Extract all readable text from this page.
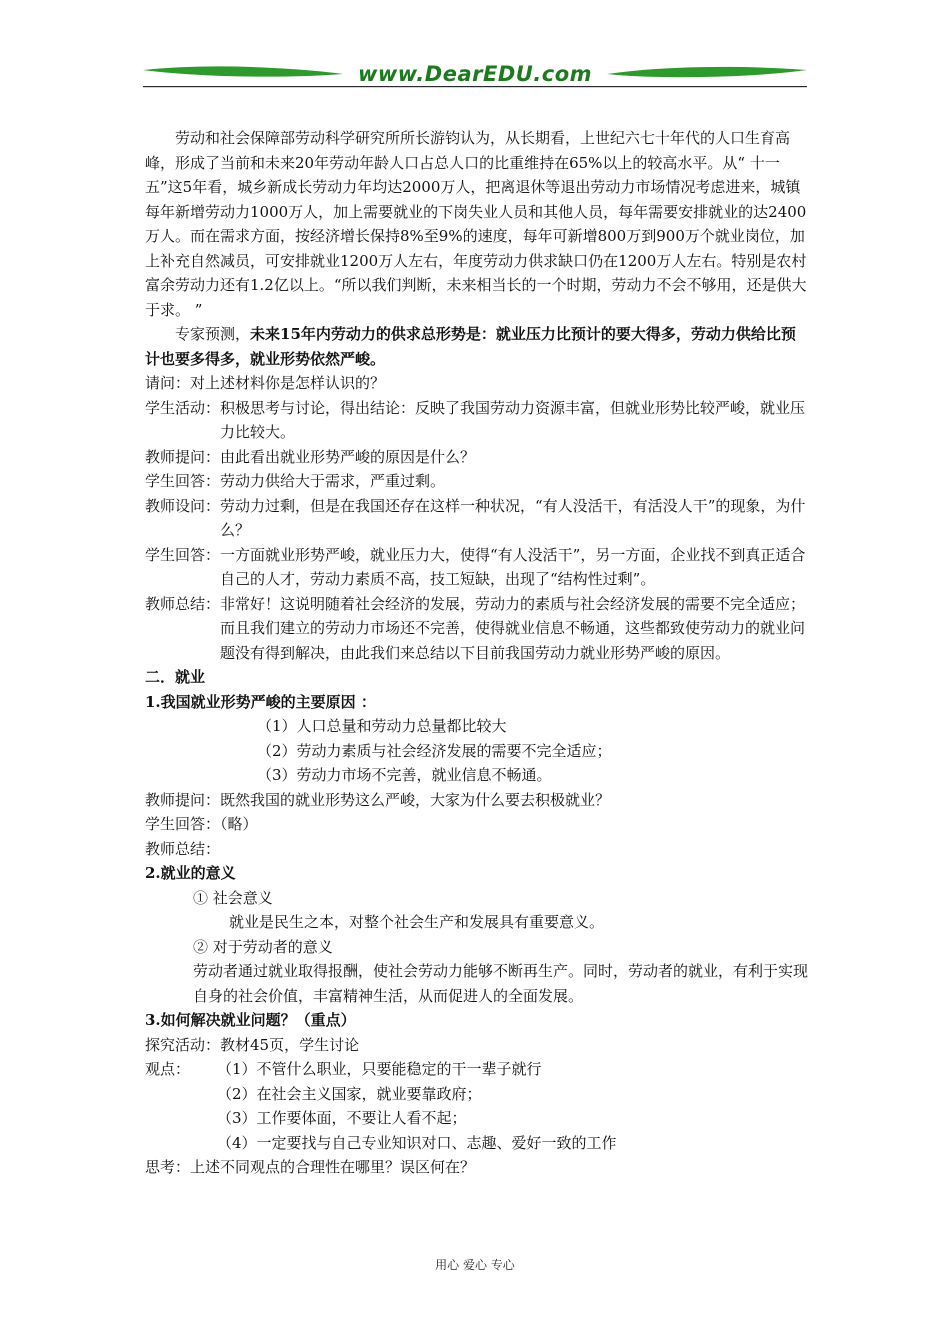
www.DearEDU.com

劳动和社会保障部劳动科学研究所所长游钧认为，从长期看，上世纪六七十年代的人口生育高峰，形成了当前和未来20年劳动年龄人口占总人口的比重维持在65%以上的较高水平。从“ 十一五”这5年看，城乡新成长劳动力年均达2000万人，把离退休等退出劳动力市场情况考虑进来，城镇每年新增劳动力1000万人，加上需要就业的下岗失业人员和其他人员，每年需要安排就业的达2400万人。而在需求方面，按经济增长保持8%至9%的速度，每年可新增800万到900万个就业岗位，加上补充自然减员，可安排就业1200万人左右，年度劳动力供求缺口仍在1200万人左右。特别是农村富余劳动力还有1.2亿以上。“所以我们判断，未来相当长的一个时期，劳动力不会不够用，还是供大于求。 ”

专家预测，未来15年内劳动力的供求总形势是：就业压力比预计的要大得多，劳动力供给比预计也要多得多，就业形势依然严峻。

请问：对上述材料你是怎样认识的？

学生活动： 积极思考与讨论，得出结论：反映了我国劳动力资源丰富，但就业形势比较严峻，就业压力比较大。
教师提问： 由此看出就业形势严峻的原因是什么？
学生回答： 劳动力供给大于需求，严重过剩。
教师设问： 劳动力过剩，但是在我国还存在这样一种状况，“有人没活干，有活没人干”的现象，为什么？
学生回答： 一方面就业形势严峻，就业压力大，使得“有人没活干”，另一方面，企业找不到真正适合自己的人才，劳动力素质不高，技工短缺，出现了“结构性过剩”。
教师总结： 非常好！这说明随着社会经济的发展，劳动力的素质与社会经济发展的需要不完全适应；而且我们建立的劳动力市场还不完善，使得就业信息不畅通，这些都致使劳动力的就业问题没有得到解决，由此我们来总结以下目前我国劳动力就业形势严峻的原因。

二．就业

1.我国就业形势严峻的主要原因 ：

（1）人口总量和劳动力总量都比较大

（2）劳动力素质与社会经济发展的需要不完全适应；

（3）劳动力市场不完善，就业信息不畅通。

教师提问：既然我国的就业形势这么严峻，大家为什么要去积极就业？

学生回答：（略）

教师总结：

2.就业的意义

① 社会意义

就业是民生之本，对整个社会生产和发展具有重要意义。

② 对于劳动者的意义

劳动者通过就业取得报酬，使社会劳动力能够不断再生产。同时，劳动者的就业，有利于实现自身的社会价值，丰富精神生活，从而促进人的全面发展。

3.如何解决就业问题？（重点）

探究活动：教材45页，学生讨论

观点：	（1）不管什么职业，只要能稳定的干一辈子就行

（2）在社会主义国家，就业要靠政府；

（3）工作要体面，不要让人看不起；

（4）一定要找与自己专业知识对口、志趣、爱好一致的工作

思考：上述不同观点的合理性在哪里？误区何在？

用心 爱心 专心
